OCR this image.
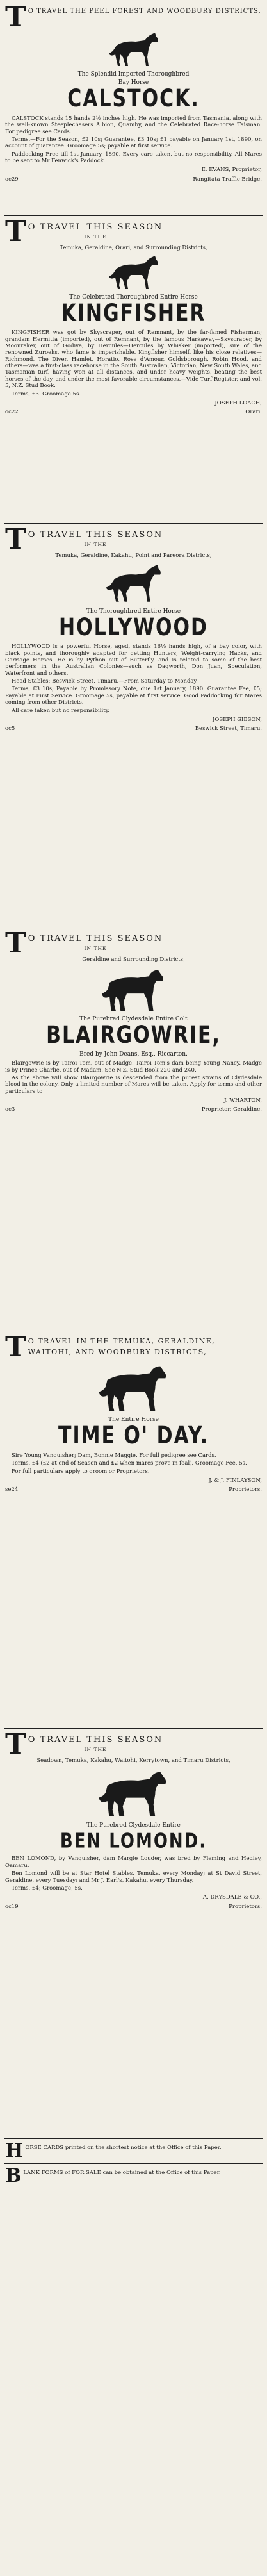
T O TRAVEL THE PEEL FOREST AND WOODBURY DISTRICTS,
The Splendid Imported Thoroughbred
Bay Horse
CALSTOCK.

CALSTOCK stands 15 hands 2½ inches high. He was imported from Tasmania, along with the well-known Steeplechasers Albion, Quamby, and the Celebrated Race-horse Taisman. For pedigree see Cards.

Terms.—For the Season, £2 10s; Guarantee, £3 10s; £1 payable on January 1st, 1890, on account of guarantee. Groomage 5s; payable at first service.

Paddocking Free till 1st January, 1890. Every care taken, but no responsibility. All Mares to be sent to Mr Fenwick's Paddock.

E. EVANS, Proprietor,
oc29	Rangitata Traffic Bridge.
T O TRAVEL THIS SEASON
IN THE
Temuka, Geraldine, Orari, and Surrounding Districts,
The Celebrated Thoroughbred Entire Horse
KINGFISHER

KINGFISHER was got by Skyscraper, out of Remnant, by the far-famed Fisherman; grandam Hermitta (imported), out of Remnant, by the famous Harkaway—Skyscraper, by Moonraker, out of Godiva, by Hercules—Hercules by Whisker (imported), sire of the renowned Zuroeks, who fame is imperishable. Kingfisher himself, like his close relatives—Richmond, The Diver, Hamlet, Horatio, Rose d'Amour, Goldsborough, Robin Hood, and others—was a first-class racehorse in the South Australian, Victorian, New South Wales, and Tasmanian turf, having won at all distances, and under heavy weights, beating the best horses of the day, and under the most favorable circumstances.—Vide Turf Register, and vol. 5, N.Z. Stud Book.

Terms, £3. Groomage 5s.

JOSEPH LOACH,
oc22	Orari.
T O TRAVEL THIS SEASON
IN THE
Temuka, Geraldine, Kakahu, Point and Pareora Districts,
The Thoroughbred Entire Horse
HOLLYWOOD

HOLLYWOOD is a powerful Horse, aged, stands 16½ hands high, of a bay color, with black points, and thoroughly adapted for getting Hunters, Weight-carrying Hacks, and Carriage Horses. He is by Python out of Butterfly, and is related to some of the best performers in the Australian Colonies—such as Dagworth, Don Juan, Speculation, Waterfront and others.

Head Stables: Beswick Street, Timaru.—From Saturday to Monday.

Terms, £3 10s; Payable by Promissory Note, due 1st January, 1890. Guarantee Fee, £5; Payable at First Service. Groomage 5s, payable at first service. Good Paddocking for Mares coming from other Districts.

All care taken but no responsibility.

JOSEPH GIBSON,
oc5	Beswick Street, Timaru.
T O TRAVEL THIS SEASON
IN THE
Geraldine and Surrounding Districts,
The Purebred Clydesdale Entire Colt
BLAIRGOWRIE,
Bred by John Deans, Esq., Riccarton.

Blairgowrie is by Tairoi Tom, out of Madge. Tairoi Tom's dam being Young Nancy. Madge is by Prince Charlie, out of Madam. See N.Z. Stud Book 220 and 240.

As the above will show Blairgowrie is descended from the purest strains of Clydesdale blood in the colony. Only a limited number of Mares will be taken. Apply for terms and other particulars to

J. WHARTON,
oc3	Proprietor, Geraldine.
T O TRAVEL IN THE TEMUKA, GERALDINE, WAITOHI, AND WOODBURY DISTRICTS,
The Entire Horse
TIME O' DAY.

Sire Young Vanquisher; Dam, Bonnie Maggie. For full pedigree see Cards.

Terms, £4 (£2 at end of Season and £2 when mares prove in foal). Groomage Fee, 5s.

For full particulars apply to groom or Proprietors.

J. & J. FINLAYSON,
se24	Proprietors.
T O TRAVEL THIS SEASON
IN THE
Seadown, Temuka, Kakahu, Waitohi, Kerrytown, and Timaru Districts,
The Purebred Clydesdale Entire
BEN LOMOND.

BEN LOMOND, by Vanquisher, dam Margie Louder, was bred by Fleming and Hedley, Oamaru.

Ben Lomond will be at Star Hotel Stables, Temuka, every Monday; at St David Street, Geraldine, every Tuesday; and Mr J. Earl's, Kakahu, every Thursday.

Terms, £4; Groomage, 5s.

A. DRYSDALE & CO.,
oc19	Proprietors.
H ORSE CARDS printed on the shortest notice at the Office of this Paper.
B LANK FORMS of FOR SALE can be obtained at the Office of this Paper.
